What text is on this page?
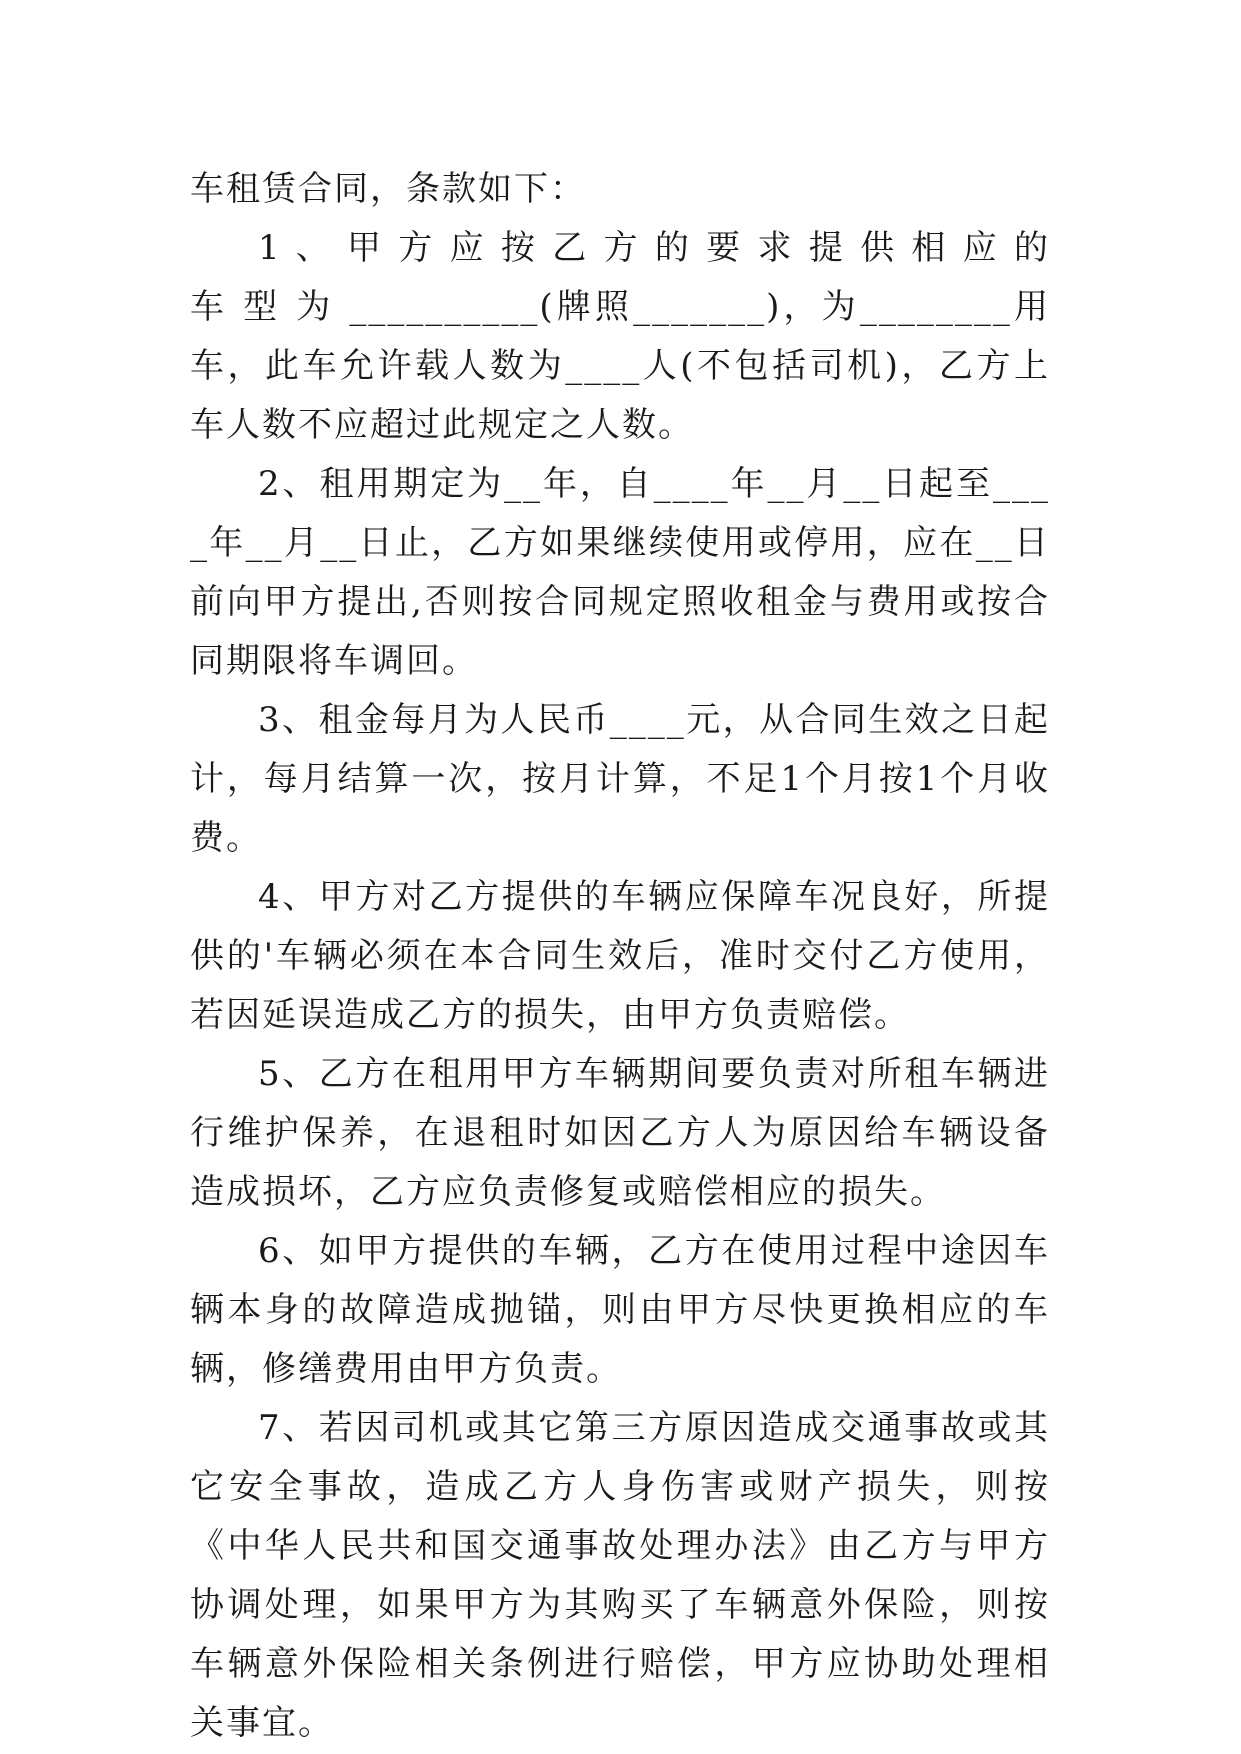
车租赁合同，条款如下：

1 、 甲 方 应 按 乙 方 的 要 求 提 供 相 应 的 车 型 为 __________(牌照_______)，为________用车，此车允许载人数为____人(不包括司机)，乙方上车人数不应超过此规定之人数。

2、租用期定为__年，自____年__月__日起至____年__月__日止，乙方如果继续使用或停用，应在__日前向甲方提出,否则按合同规定照收租金与费用或按合同期限将车调回。

3、租金每月为人民币____元，从合同生效之日起计，每月结算一次，按月计算，不足1个月按1个月收费。

4、甲方对乙方提供的车辆应保障车况良好，所提供的'车辆必须在本合同生效后，准时交付乙方使用，若因延误造成乙方的损失，由甲方负责赔偿。

5、乙方在租用甲方车辆期间要负责对所租车辆进行维护保养，在退租时如因乙方人为原因给车辆设备造成损坏，乙方应负责修复或赔偿相应的损失。

6、如甲方提供的车辆，乙方在使用过程中途因车辆本身的故障造成抛锚，则由甲方尽快更换相应的车辆，修缮费用由甲方负责。

7、若因司机或其它第三方原因造成交通事故或其它安全事故，造成乙方人身伤害或财产损失，则按《中华人民共和国交通事故处理办法》由乙方与甲方协调处理，如果甲方为其购买了车辆意外保险，则按车辆意外保险相关条例进行赔偿，甲方应协助处理相关事宜。
